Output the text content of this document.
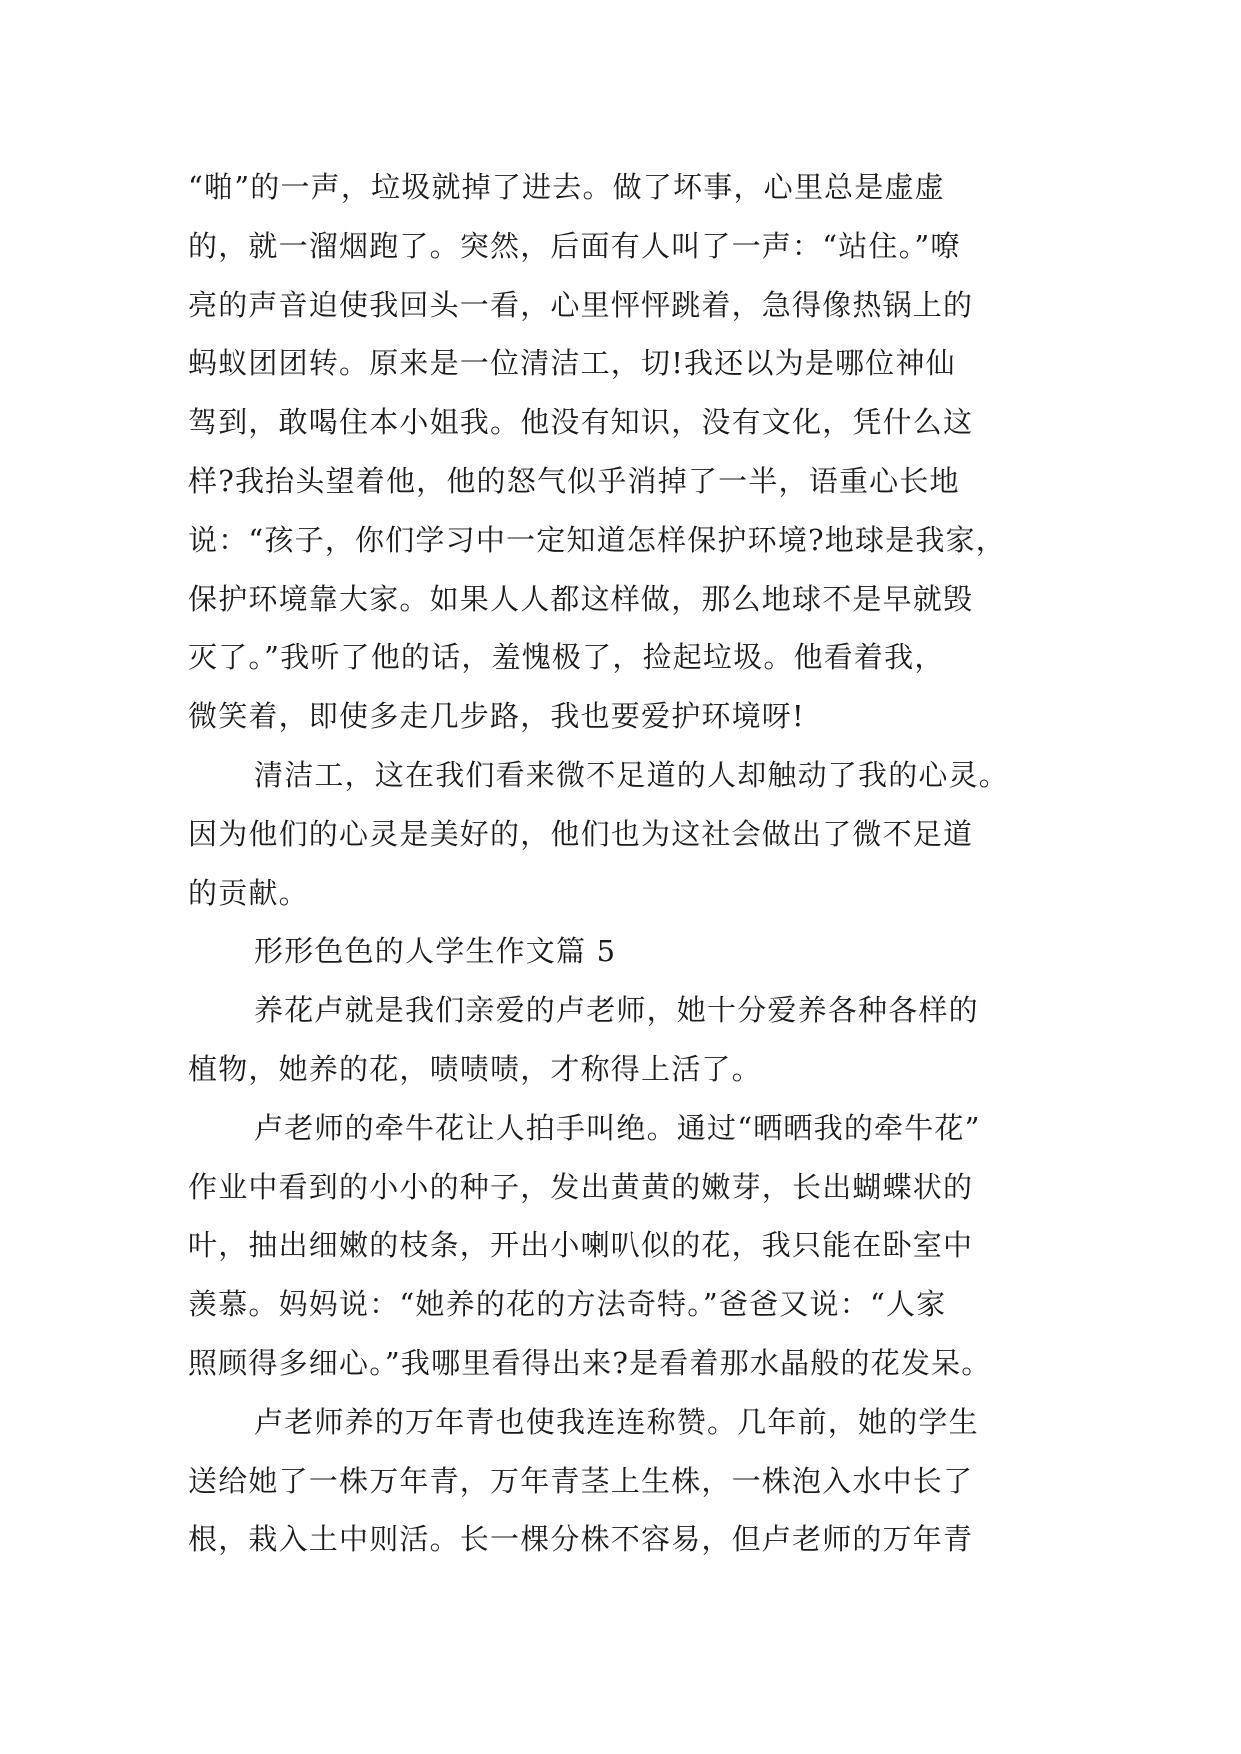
“啪”的一声，垃圾就掉了进去。做了坏事，心里总是虚虚
的，就一溜烟跑了。突然，后面有人叫了一声：“站住。”嘹
亮的声音迫使我回头一看，心里怦怦跳着，急得像热锅上的
蚂蚁团团转。原来是一位清洁工，切!我还以为是哪位神仙
驾到，敢喝住本小姐我。他没有知识，没有文化，凭什么这
样?我抬头望着他，他的怒气似乎消掉了一半，语重心长地
说：“孩子，你们学习中一定知道怎样保护环境?地球是我家，
保护环境靠大家。如果人人都这样做，那么地球不是早就毁
灭了。”我听了他的话，羞愧极了，捡起垃圾。他看着我，
微笑着，即使多走几步路，我也要爱护环境呀!
清洁工，这在我们看来微不足道的人却触动了我的心灵。
因为他们的心灵是美好的，他们也为这社会做出了微不足道
的贡献。
形形色色的人学生作文篇 5
养花卢就是我们亲爱的卢老师，她十分爱养各种各样的
植物，她养的花，啧啧啧，才称得上活了。
卢老师的牵牛花让人拍手叫绝。通过“晒晒我的牵牛花”
作业中看到的小小的种子，发出黄黄的嫩芽，长出蝴蝶状的
叶，抽出细嫩的枝条，开出小喇叭似的花，我只能在卧室中
羡慕。妈妈说：“她养的花的方法奇特。”爸爸又说：“人家
照顾得多细心。”我哪里看得出来?是看着那水晶般的花发呆。
卢老师养的万年青也使我连连称赞。几年前，她的学生
送给她了一株万年青，万年青茎上生株，一株泡入水中长了
根，栽入土中则活。长一棵分株不容易，但卢老师的万年青
